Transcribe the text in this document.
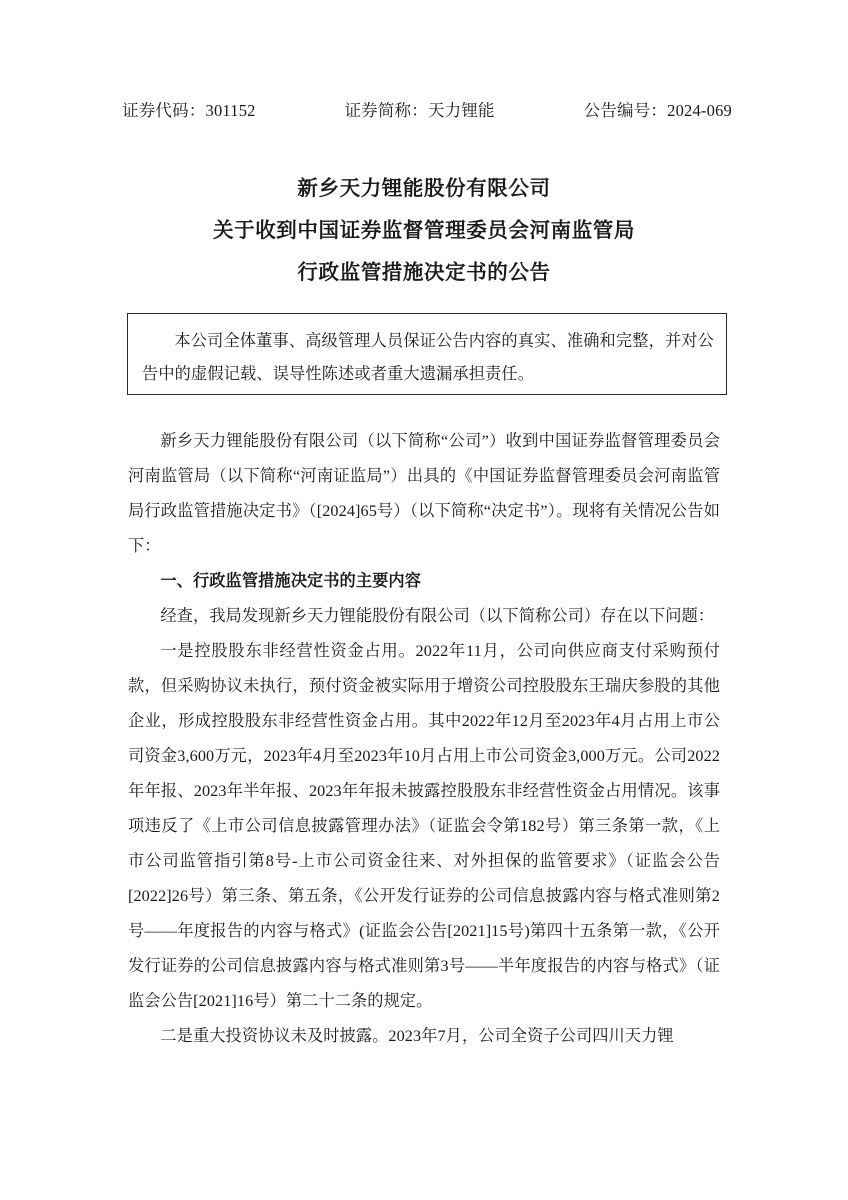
证券代码：301152	证券简称：天力锂能	公告编号：2024-069
新乡天力锂能股份有限公司
关于收到中国证券监督管理委员会河南监管局
行政监管措施决定书的公告
本公司全体董事、高级管理人员保证公告内容的真实、准确和完整，并对公告中的虚假记载、误导性陈述或者重大遗漏承担责任。

新乡天力锂能股份有限公司（以下简称“公司”）收到中国证券监督管理委员会河南监管局（以下简称“河南证监局”）出具的《中国证券监督管理委员会河南监管局行政监管措施决定书》（[2024]65号）（以下简称“决定书”）。现将有关情况公告如下：

一、行政监管措施决定书的主要内容

经查，我局发现新乡天力锂能股份有限公司（以下简称公司）存在以下问题：

一是控股股东非经营性资金占用。2022年11月，公司向供应商支付采购预付款，但采购协议未执行，预付资金被实际用于增资公司控股股东王瑞庆参股的其他企业，形成控股股东非经营性资金占用。其中2022年12月至2023年4月占用上市公司资金3,600万元，2023年4月至2023年10月占用上市公司资金3,000万元。公司2022年年报、2023年半年报、2023年年报未披露控股股东非经营性资金占用情况。该事项违反了《上市公司信息披露管理办法》（证监会令第182号）第三条第一款，《上市公司监管指引第8号-上市公司资金往来、对外担保的监管要求》（证监会公告[2022]26号）第三条、第五条，《公开发行证券的公司信息披露内容与格式准则第2号——年度报告的内容与格式》(证监会公告[2021]15号)第四十五条第一款，《公开发行证券的公司信息披露内容与格式准则第3号——半年度报告的内容与格式》（证监会公告[2021]16号）第二十二条的规定。

二是重大投资协议未及时披露。2023年7月，公司全资子公司四川天力锂
